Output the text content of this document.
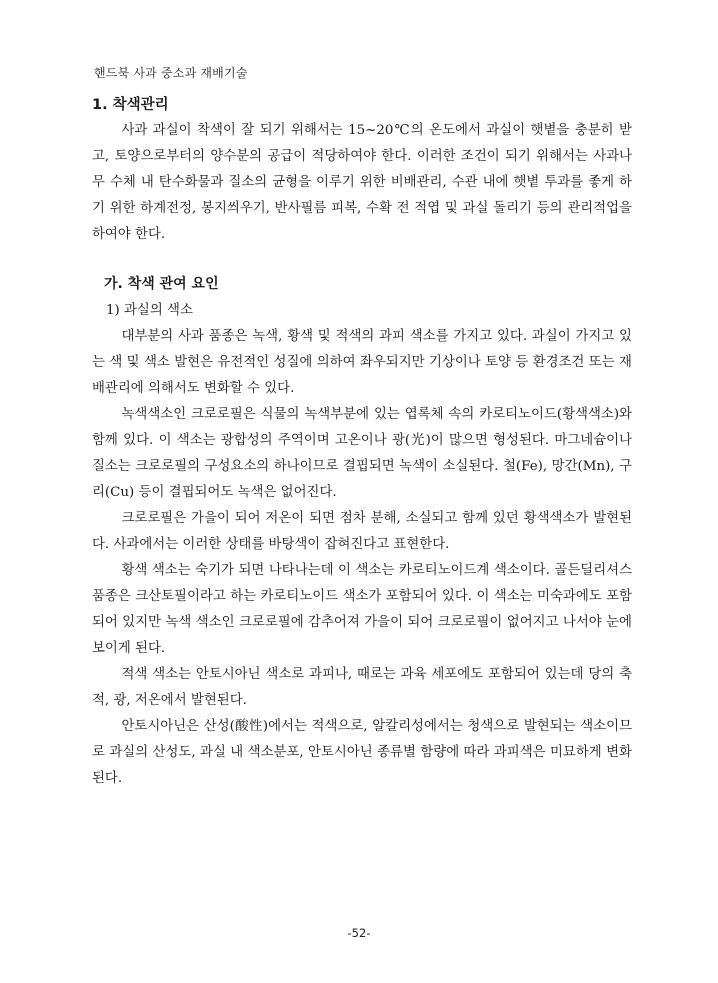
핸드북 사과 중소과 재배기술
1. 착색관리

사과 과실이 착색이 잘 되기 위해서는 15~20℃의 온도에서 과실이 햇볕을 충분히 받고, 토양으로부터의 양수분의 공급이 적당하여야 한다. 이러한 조건이 되기 위해서는 사과나무 수체 내 탄수화물과 질소의 균형을 이루기 위한 비배관리, 수관 내에 햇볕 투과를 좋게 하기 위한 하계전정, 봉지씌우기, 반사필름 피복, 수확 전 적엽 및 과실 돌리기 등의 관리적업을 하여야 한다.

가. 착색 관여 요인

1) 과실의 색소

대부분의 사과 품종은 녹색, 황색 및 적색의 과피 색소를 가지고 있다. 과실이 가지고 있는 색 및 색소 발현은 유전적인 성질에 의하여 좌우되지만 기상이나 토양 등 환경조건 또는 재배관리에 의해서도 변화할 수 있다.

녹색색소인 크로로필은 식물의 녹색부분에 있는 엽록체 속의 카로티노이드(황색색소)와 함께 있다. 이 색소는 광합성의 주역이며 고온이나 광(光)이 많으면 형성된다. 마그네슘이나 질소는 크로로필의 구성요소의 하나이므로 결핍되면 녹색이 소실된다. 철(Fe), 망간(Mn), 구리(Cu) 등이 결핍되어도 녹색은 없어진다.

크로로필은 가을이 되어 저온이 되면 점차 분해, 소실되고 함께 있던 황색색소가 발현된다. 사과에서는 이러한 상태를 바탕색이 잡혀진다고 표현한다.

황색 색소는 숙기가 되면 나타나는데 이 색소는 카로티노이드계 색소이다. 골든딜리셔스 품종은 크산토필이라고 하는 카로티노이드 색소가 포함되어 있다. 이 색소는 미숙과에도 포함되어 있지만 녹색 색소인 크로로필에 감추어져 가을이 되어 크로로필이 없어지고 나서야 눈에 보이게 된다.

적색 색소는 안토시아닌 색소로 과피나, 때로는 과육 세포에도 포함되어 있는데 당의 축적, 광, 저온에서 발현된다.

안토시아닌은 산성(酸性)에서는 적색으로, 알칼리성에서는 청색으로 발현되는 색소이므로 과실의 산성도, 과실 내 색소분포, 안토시아닌 종류별 함량에 따라 과피색은 미묘하게 변화된다.

-52-
